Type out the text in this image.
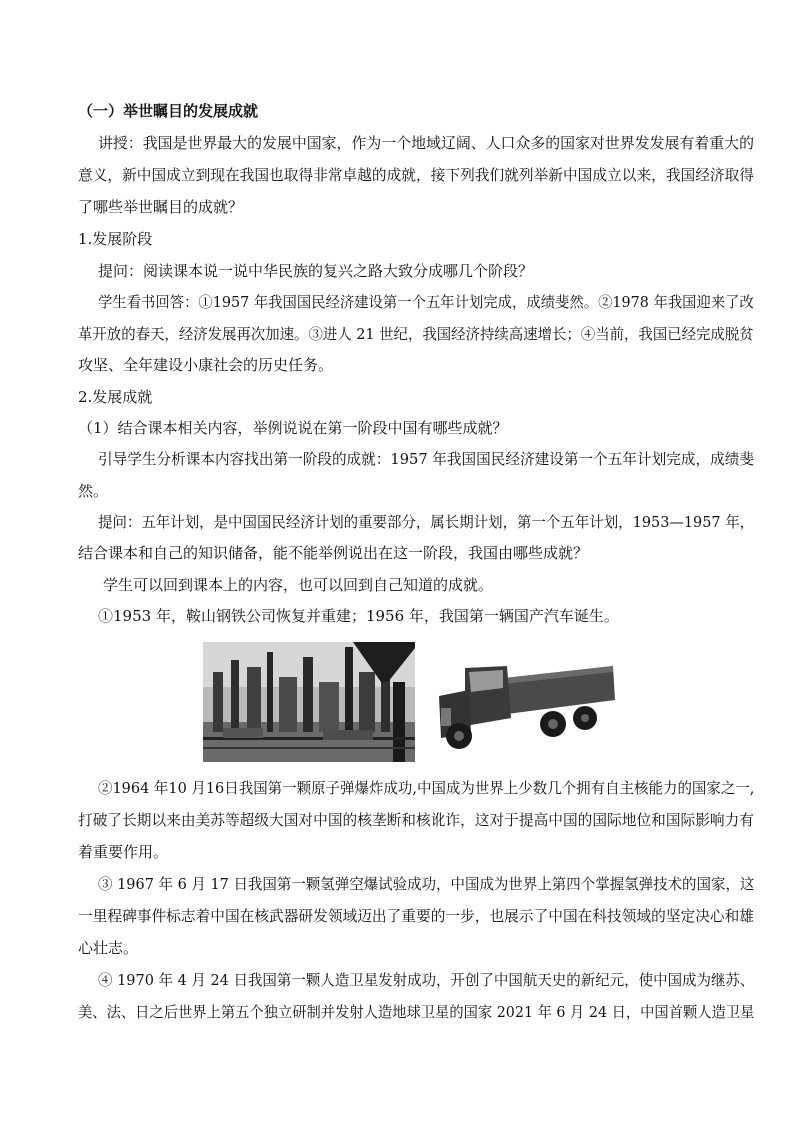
（一）举世瞩目的发展成就
讲授：我国是世界最大的发展中国家，作为一个地域辽阔、人口众多的国家对世界发发展有着重大的
意义，新中国成立到现在我国也取得非常卓越的成就，接下列我们就列举新中国成立以来，我国经济取得
了哪些举世瞩目的成就？
1.发展阶段
提问：阅读课本说一说中华民族的复兴之路大致分成哪几个阶段？
学生看书回答：①1957 年我国国民经济建设第一个五年计划完成，成绩斐然。②1978 年我国迎来了改
革开放的春天，经济发展再次加速。③进人 21 世纪，我国经济持续高速增长；④当前，我国已经完成脱贫
攻坚、全年建设小康社会的历史任务。
2.发展成就
（1）结合课本相关内容，举例说说在第一阶段中国有哪些成就？
引导学生分析课本内容找出第一阶段的成就：1957 年我国国民经济建设第一个五年计划完成，成绩斐
然。
提问：五年计划，是中国国民经济计划的重要部分，属长期计划，第一个五年计划，1953—1957 年，
结合课本和自己的知识储备，能不能举例说出在这一阶段，我国由哪些成就？
学生可以回到课本上的内容，也可以回到自己知道的成就。
①1953 年，鞍山钢铁公司恢复并重建；1956 年，我国第一辆国产汽车诞生。
②1964 年10 月16日我国第一颗原子弹爆炸成功,中国成为世界上少数几个拥有自主核能力的国家之一,
打破了长期以来由美苏等超级大国对中国的核垄断和核讹诈，这对于提高中国的国际地位和国际影响力有
着重要作用。
③ 1967 年 6 月 17 日我国第一颗氢弹空爆试验成功，中国成为世界上第四个掌握氢弹技术的国家，这
一里程碑事件标志着中国在核武器研发领域迈出了重要的一步，也展示了中国在科技领域的坚定决心和雄
心壮志。
④ 1970 年 4 月 24 日我国第一颗人造卫星发射成功，开创了中国航天史的新纪元，使中国成为继苏、
美、法、日之后世界上第五个独立研制并发射人造地球卫星的国家 2021 年 6 月 24 日，中国首颗人造卫星
